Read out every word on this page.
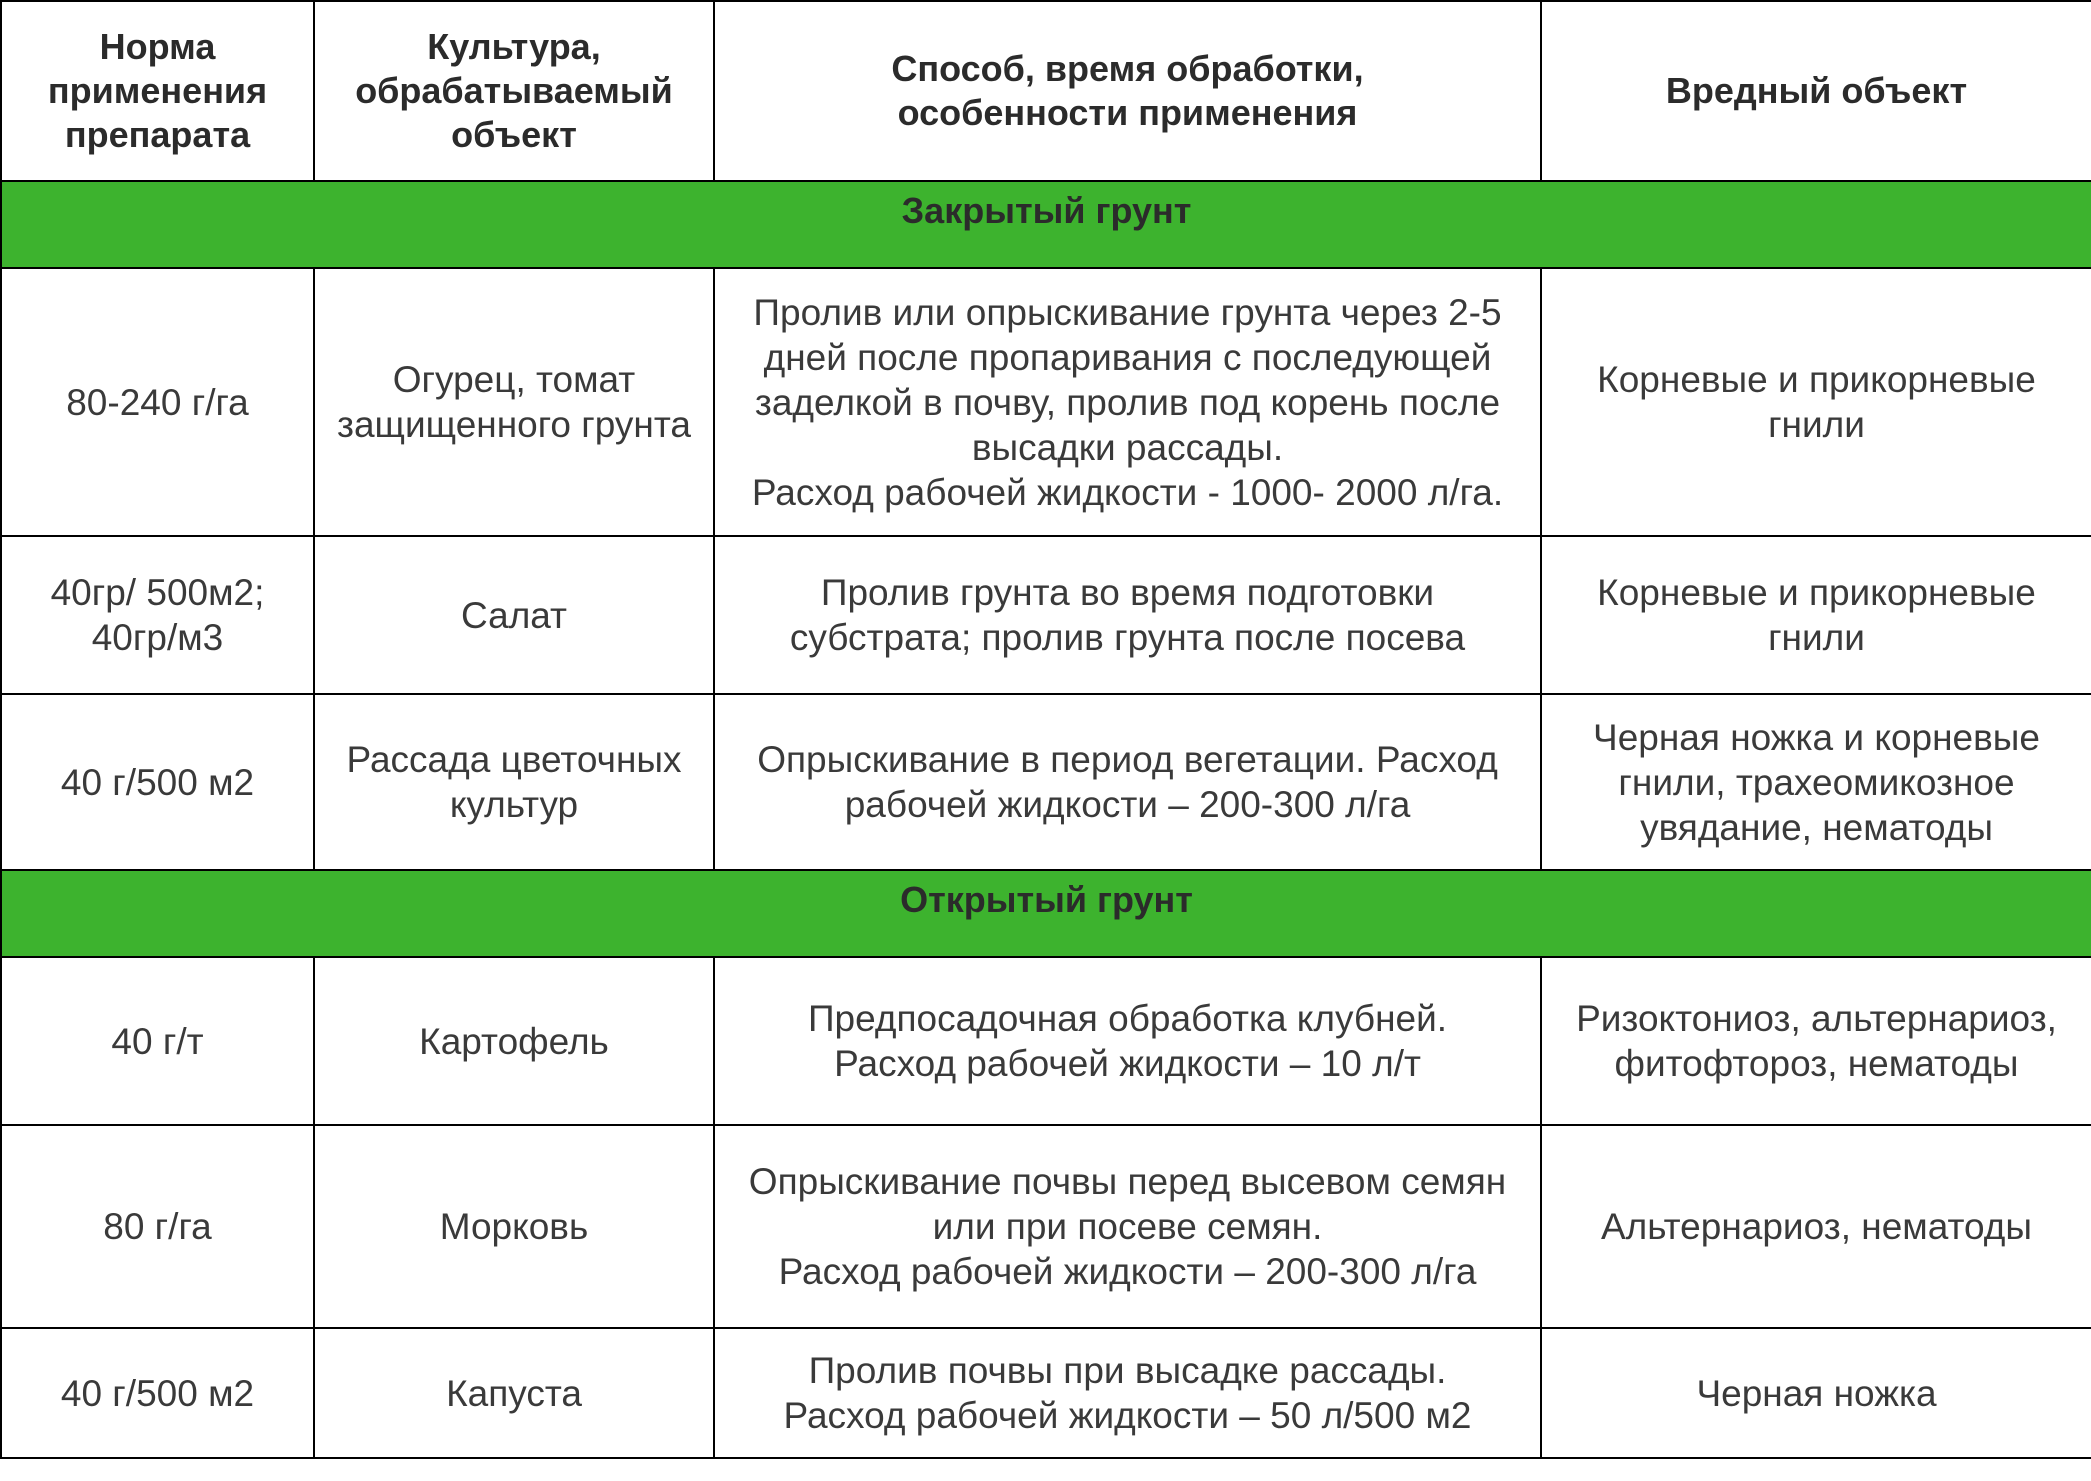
Норма
применения
препарата	Культура,
обрабатываемый
объект	Способ, время обработки,
особенности применения	Вредный объект

Закрытый грунт			

80-240 г/га	Огурец, томат
защищенного грунта	Пролив или опрыскивание грунта через 2-5
дней после пропаривания с последующей
заделкой в почву, пролив под корень после
высадки рассады.
Расход рабочей жидкости - 1000- 2000 л/га.	Корневые и прикорневые
гнили

40гр/ 500м2;
40гр/м3	Салат	Пролив грунта во время подготовки
субстрата; пролив грунта после посева	Корневые и прикорневые
гнили

40 г/500 м2	Рассада цветочных
культур	Опрыскивание в период вегетации. Расход
рабочей жидкости – 200-300 л/га	Черная ножка и корневые
гнили, трахеомикозное
увядание, нематоды

Открытый грунт			

40 г/т	Картофель	Предпосадочная обработка клубней.
Расход рабочей жидкости – 10 л/т	Ризоктониоз, альтернариоз,
фитофтороз, нематоды

80 г/га	Морковь	Опрыскивание почвы перед высевом семян
или при посеве семян.
Расход рабочей жидкости – 200-300 л/га	Альтернариоз, нематоды

40 г/500 м2	Капуста	Пролив почвы при высадке рассады.
Расход рабочей жидкости – 50 л/500 м2	Черная ножка
